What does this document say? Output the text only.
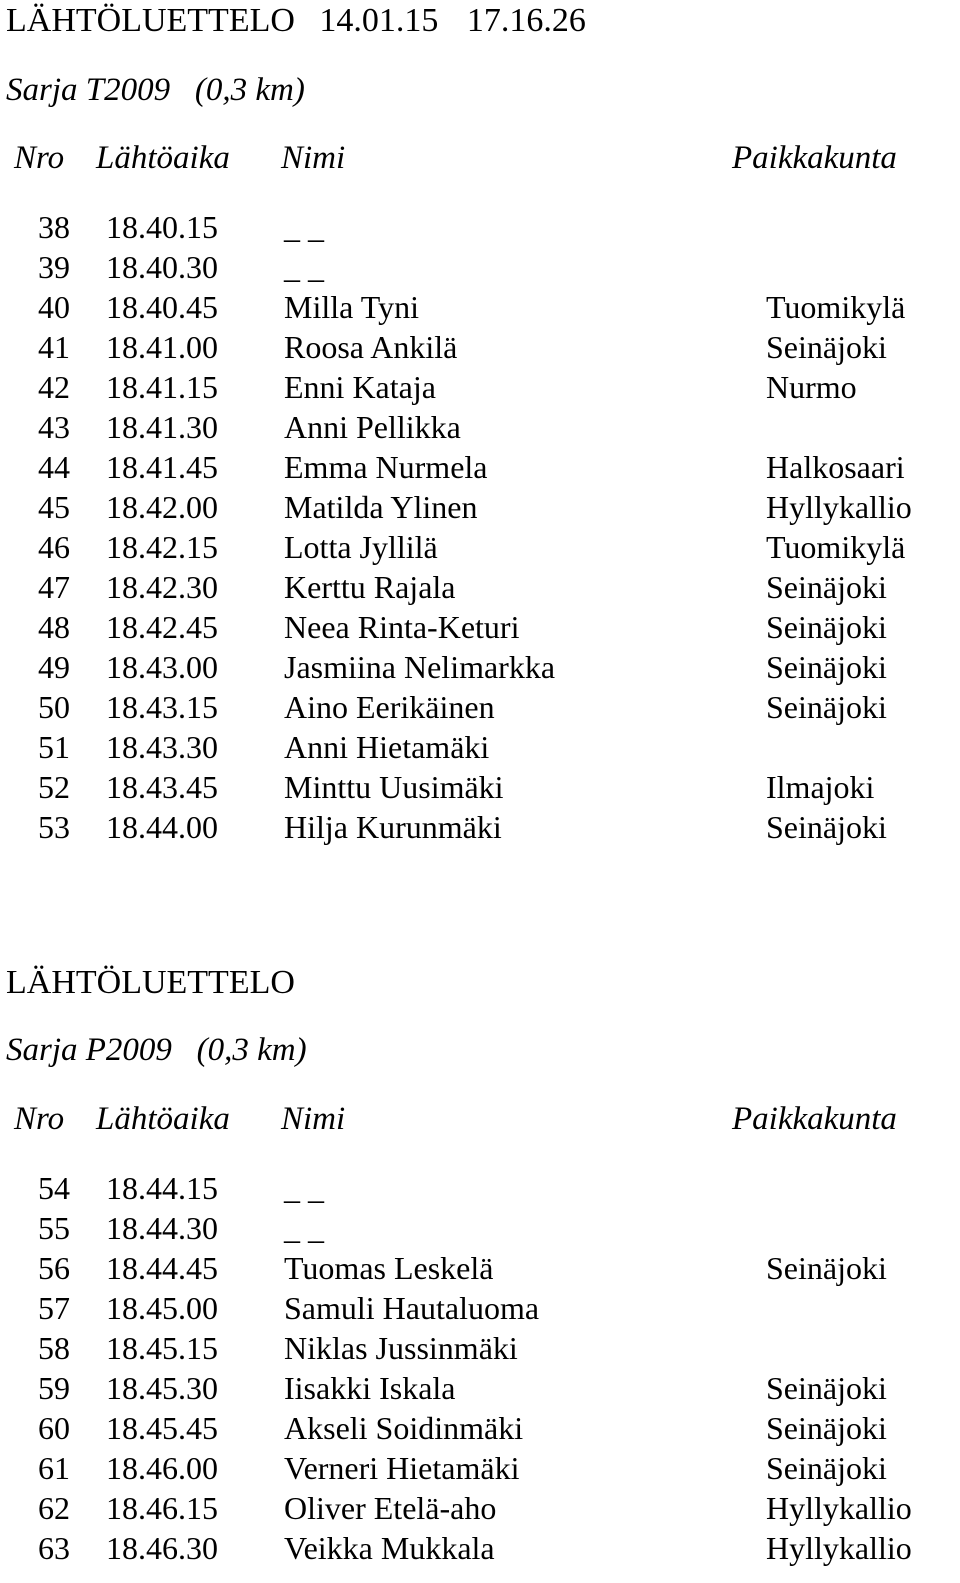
LÄHTÖLUETTELO 14.01.15 17.16.26
Sarja T2009   (0,3 km)
Nro Lähtöaika Nimi	Paikkakunta
38 18.40.15 _ _
39 18.40.30 _ _
40 18.40.45 Milla Tyni	Tuomikylä
41 18.41.00 Roosa Ankilä	Seinäjoki
42 18.41.15 Enni Kataja	Nurmo
43 18.41.30 Anni Pellikka
44 18.41.45 Emma Nurmela	Halkosaari
45 18.42.00 Matilda Ylinen	Hyllykallio
46 18.42.15 Lotta Jyllilä	Tuomikylä
47 18.42.30 Kerttu Rajala	Seinäjoki
48 18.42.45 Neea Rinta-Keturi	Seinäjoki
49 18.43.00 Jasmiina Nelimarkka	Seinäjoki
50 18.43.15 Aino Eerikäinen	Seinäjoki
51 18.43.30 Anni Hietamäki
52 18.43.45 Minttu Uusimäki	Ilmajoki
53 18.44.00 Hilja Kurunmäki	Seinäjoki
LÄHTÖLUETTELO
Sarja P2009   (0,3 km)
Nro Lähtöaika Nimi	Paikkakunta
54 18.44.15 _ _
55 18.44.30 _ _
56 18.44.45 Tuomas Leskelä	Seinäjoki
57 18.45.00 Samuli Hautaluoma
58 18.45.15 Niklas Jussinmäki
59 18.45.30 Iisakki Iskala	Seinäjoki
60 18.45.45 Akseli Soidinmäki	Seinäjoki
61 18.46.00 Verneri Hietamäki	Seinäjoki
62 18.46.15 Oliver Etelä-aho	Hyllykallio
63 18.46.30 Veikka Mukkala	Hyllykallio
